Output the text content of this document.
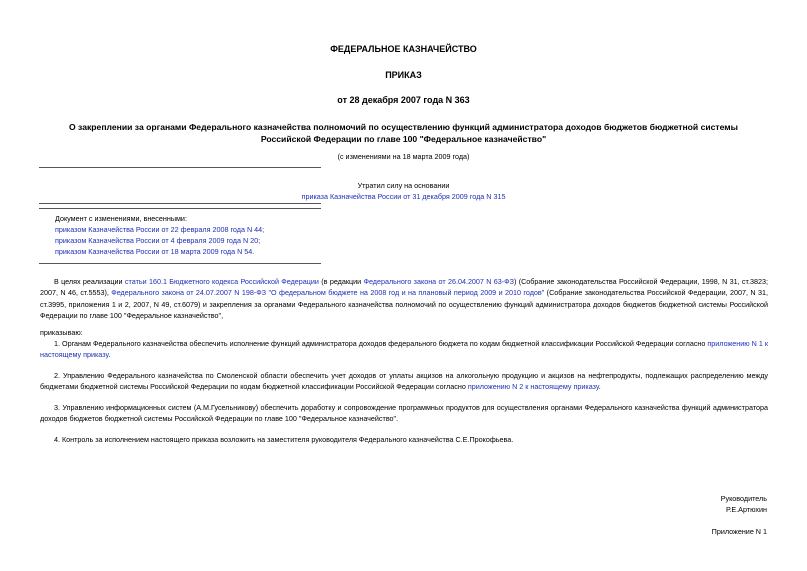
ФЕДЕРАЛЬНОЕ КАЗНАЧЕЙСТВО
ПРИКАЗ
от 28 декабря 2007 года N 363
О закреплении за органами Федерального казначейства полномочий по осуществлению функций администратора доходов бюджетов бюджетной системы
Российской Федерации по главе 100 "Федеральное казначейство"
(с изменениями на 18 марта 2009 года)
Утратил силу на основании
приказа Казначейства России от 31 декабря 2009 года N 315
Документ с изменениями, внесенными:
приказом Казначейства России от 22 февраля 2008 года N 44;
приказом Казначейства России от 4 февраля 2009 года N 20;
приказом Казначейства России от 18 марта 2009 года N 54.
В целях реализации статьи 160.1 Бюджетного кодекса Российской Федерации (в редакции Федерального закона от 26.04.2007 N 63-ФЗ) (Собрание законодательства Российской Федерации, 1998, N 31, ст.3823; 2007, N 46, ст.5553), Федерального закона от 24.07.2007 N 198-ФЗ "О федеральном бюджете на 2008 год и на плановый период 2009 и 2010 годов" (Собрание законодательства Российской Федерации, 2007, N 31, ст.3995, приложения 1 и 2, 2007, N 49, ст.6079) и закрепления за органами Федерального казначейства полномочий по осуществлению функций администратора доходов бюджетов бюджетной системы Российской Федерации по главе 100 "Федеральное казначейство",
приказываю:
1. Органам Федерального казначейства обеспечить исполнение функций администратора доходов федерального бюджета по кодам бюджетной классификации Российской Федерации согласно приложению N 1 к настоящему приказу.
2. Управлению Федерального казначейства по Смоленской области обеспечить учет доходов от уплаты акцизов на алкогольную продукцию и акцизов на нефтепродукты, подлежащих распределению между бюджетами бюджетной системы Российской Федерации по кодам бюджетной классификации Российской Федерации согласно приложению N 2 к настоящему приказу.
3. Управлению информационных систем (А.М.Гусельникову) обеспечить доработку и сопровождение программных продуктов для осуществления органами Федерального казначейства функций администратора доходов бюджетов бюджетной системы Российской Федерации по главе 100 "Федеральное казначейство".
4. Контроль за исполнением настоящего приказа возложить на заместителя руководителя Федерального казначейства С.Е.Прокофьева.
Руководитель
Р.Е.Артюхин
Приложение N 1
